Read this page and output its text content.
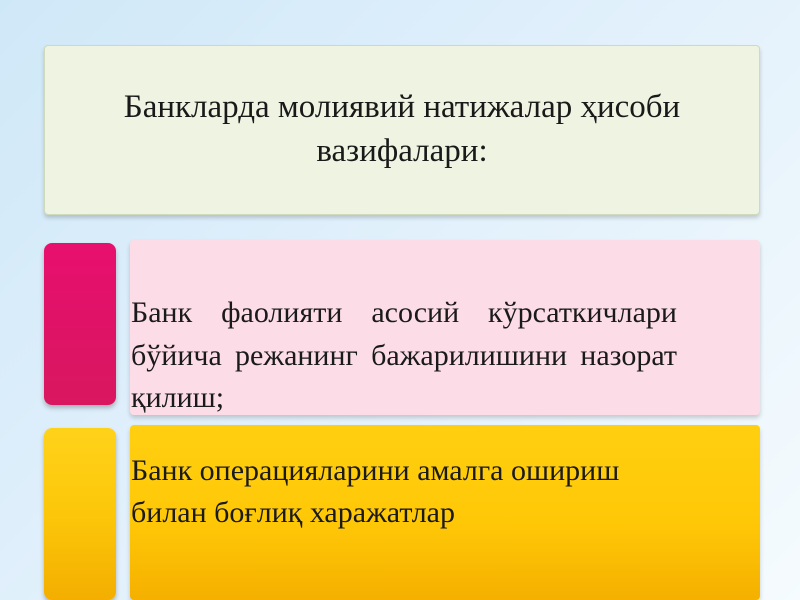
Банкларда молиявий натижалар ҳисоби вазифалари:
Банк фаолияти асосий кўрсаткичлари бўйича режанинг бажарилишини назорат қилиш;
Банк операцияларини амалга ошириш билан боғлиқ харажатлар
